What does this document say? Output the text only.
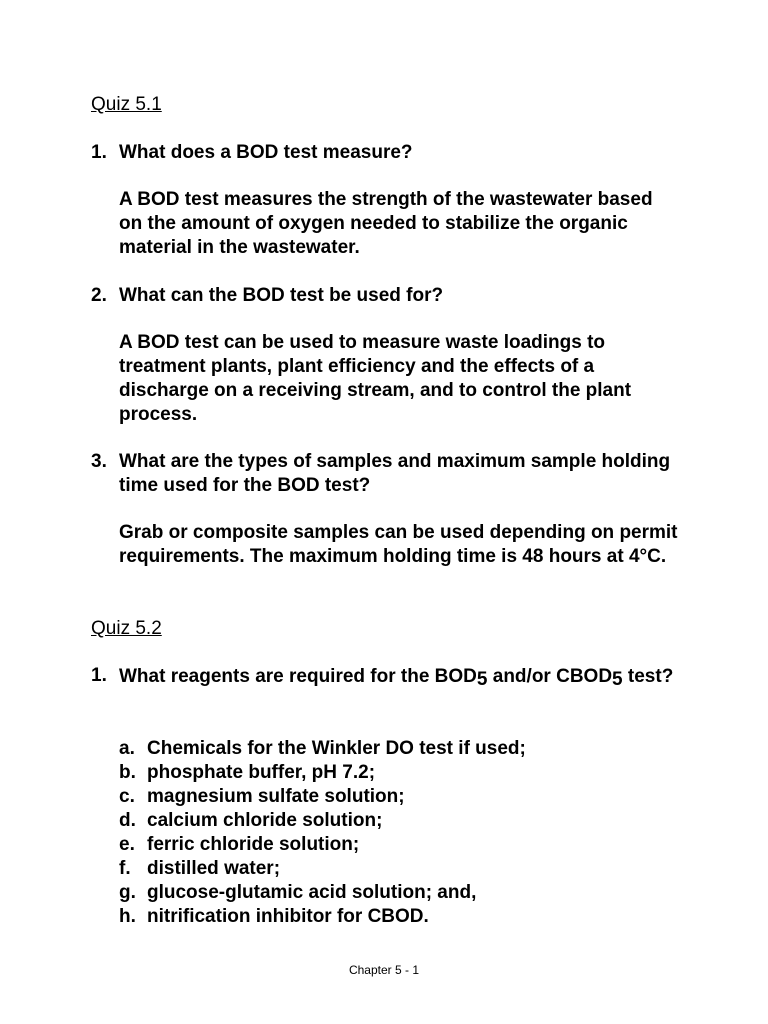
Quiz 5.1
1. What does a BOD test measure?

A BOD test measures the strength of the wastewater based on the amount of oxygen needed to stabilize the organic material in the wastewater.

2. What can the BOD test be used for?

A BOD test can be used to measure waste loadings to treatment plants, plant efficiency and the effects of a discharge on a receiving stream, and to control the plant process.

3. What are the types of samples and maximum sample holding time used for the BOD test?

Grab or composite samples can be used depending on permit requirements. The maximum holding time is 48 hours at 4°C.

Quiz 5.2
1. What reagents are required for the BOD5 and/or CBOD5 test?

a. Chemicals for the Winkler DO test if used;
b. phosphate buffer, pH 7.2;
c. magnesium sulfate solution;
d. calcium chloride solution;
e. ferric chloride solution;
f. distilled water;
g. glucose-glutamic acid solution; and,
h. nitrification inhibitor for CBOD.
Chapter 5 - 1
